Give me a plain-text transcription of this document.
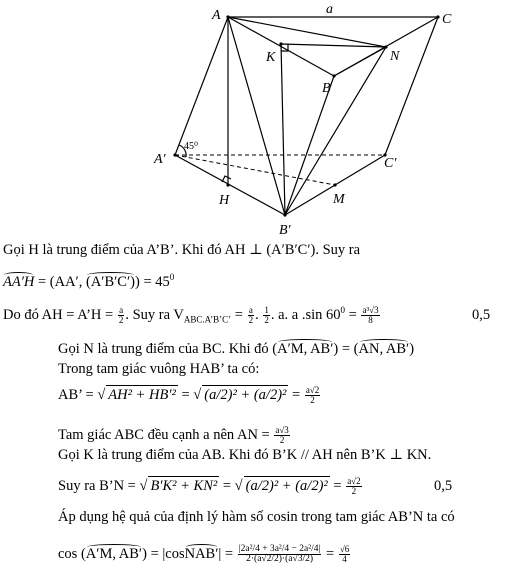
A	a
C
K	N
B
45⁰
A'	C'
H	M
B'
Gọi H là trung điểm của A’B’. Khi đó AH ⊥ (A′B′C′). Suy ra
AA′H = (AA′, $(A'B'C')) = 45^0$
Do đó AH = A’H = $\frac{a}{2}$ . Suy ra $V_{ABC.A’B’C’} = \frac{a}{2}$ . $\frac{1}{2}$ . a. a .sin $60^0 = \frac{\text{a³√3}}{8}$	0,5
Gọi N là trung điểm của BC. Khi đó (A′M, AB′) = (AN, AB′)
Trong tam giác vuông HAB’ ta có:
AB’ = √ AH² + HB′² = √ $(a/2)^2 + (a/2)^2 = \frac{a√2}{2}$
Tam giác ABC đều cạnh a nên AN = $\frac{a√3}{2}$
Gọi K là trung điểm của AB. Khi đó B’K // AH nên B’K ⊥ KN.
Suy ra B’N = √ B′K² + KN² = √ $(a/2)^2 + (a/2)^2 = \frac{a√2}{2}$	0,5
Áp dụng hệ quả của định lý hàm số cosin trong tam giác AB’N ta có
cos (A′M, AB′) = |cosNAB′| = $\frac{\text{|2a²/4 + 3a²/4 − 2a²/4|}}{2\cdot(a√2/2)\cdot(a√3/2)} = \frac{√6}{4}$
